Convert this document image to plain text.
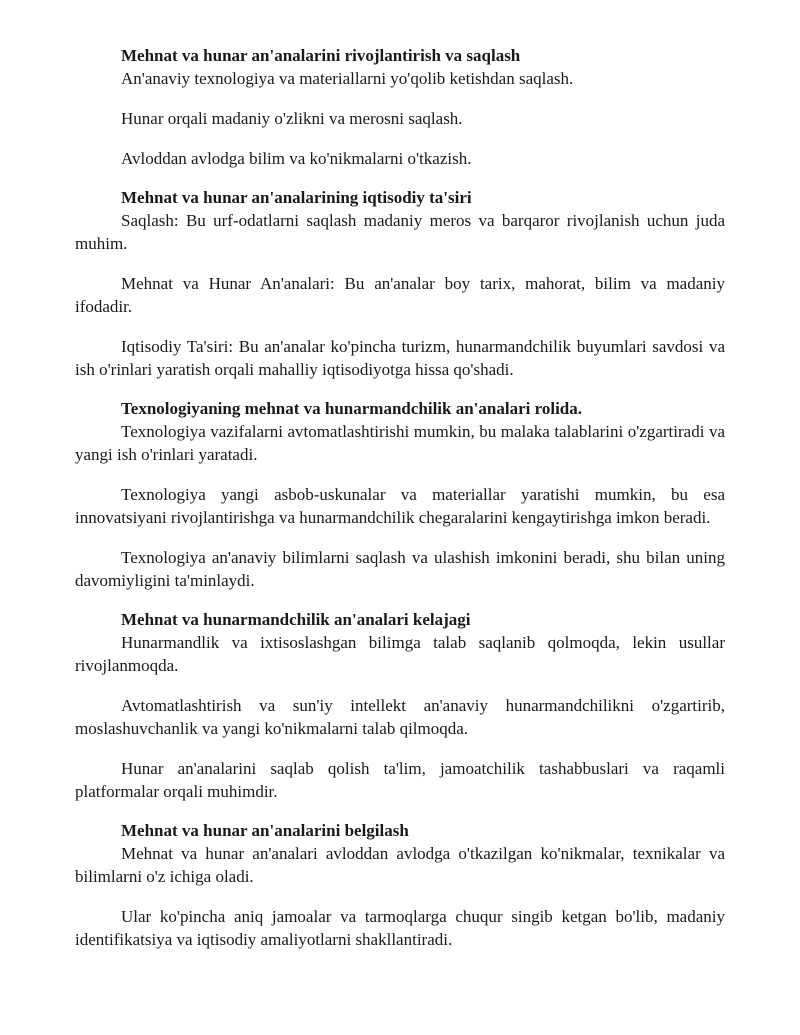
Mehnat va hunar an'analarini rivojlantirish va saqlash

An'anaviy texnologiya va materiallarni yo'qolib ketishdan saqlash.

Hunar orqali madaniy o'zlikni va merosni saqlash.

Avloddan avlodga bilim va ko'nikmalarni o'tkazish.

Mehnat va hunar an'analarining iqtisodiy ta'siri

Saqlash: Bu urf-odatlarni saqlash madaniy meros va barqaror rivojlanish uchun juda muhim.

Mehnat va Hunar An'analari: Bu an'analar boy tarix, mahorat, bilim va madaniy ifodadir.

Iqtisodiy Ta'siri: Bu an'analar ko'pincha turizm, hunarmandchilik buyumlari savdosi va ish o'rinlari yaratish orqali mahalliy iqtisodiyotga hissa qo'shadi.

Texnologiyaning mehnat va hunarmandchilik an'analari rolida.

Texnologiya vazifalarni avtomatlashtirishi mumkin, bu malaka talablarini o'zgartiradi va yangi ish o'rinlari yaratadi.

Texnologiya yangi asbob-uskunalar va materiallar yaratishi mumkin, bu esa innovatsiyani rivojlantirishga va hunarmandchilik chegaralarini kengaytirishga imkon beradi.

Texnologiya an'anaviy bilimlarni saqlash va ulashish imkonini beradi, shu bilan uning davomiyligini ta'minlaydi.

Mehnat va hunarmandchilik an'analari kelajagi

Hunarmandlik va ixtisoslashgan bilimga talab saqlanib qolmoqda, lekin usullar rivojlanmoqda.

Avtomatlashtirish va sun'iy intellekt an'anaviy hunarmandchilikni o'zgartirib, moslashuvchanlik va yangi ko'nikmalarni talab qilmoqda.

Hunar an'analarini saqlab qolish ta'lim, jamoatchilik tashabbuslari va raqamli platformalar orqali muhimdir.

Mehnat va hunar an'analarini belgilash

Mehnat va hunar an'analari avloddan avlodga o'tkazilgan ko'nikmalar, texnikalar va bilimlarni o'z ichiga oladi.

Ular ko'pincha aniq jamoalar va tarmoqlarga chuqur singib ketgan bo'lib, madaniy identifikatsiya va iqtisodiy amaliyotlarni shakllantiradi.
